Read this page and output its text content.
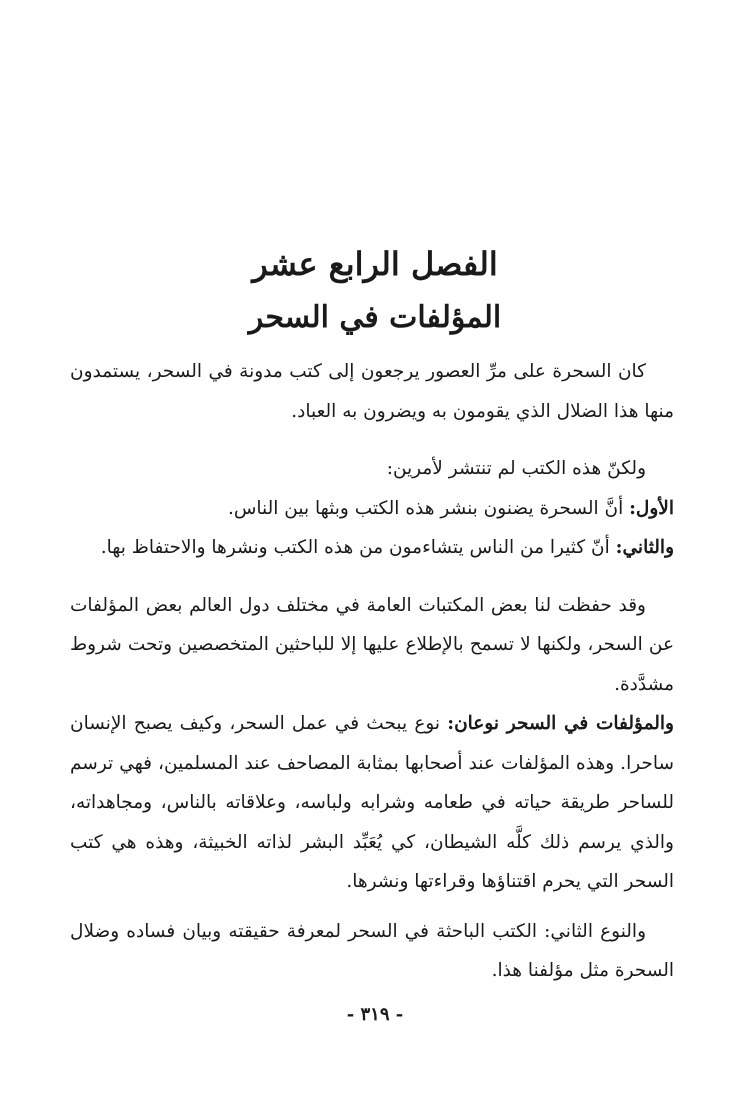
الفصل الرابع عشر
المؤلفات في السحر

كان السحرة على مرِّ العصور يرجعون إلى كتب مدونة في السحر، يستمدون منها هذا الضلال الذي يقومون به ويضرون به العباد.

ولكنّ هذه الكتب لم تنتشر لأمرين:

الأول: أنَّ السحرة يضنون بنشر هذه الكتب وبثها بين الناس.

والثاني: أنّ كثيرا من الناس يتشاءمون من هذه الكتب ونشرها والاحتفاظ بها.

وقد حفظت لنا بعض المكتبات العامة في مختلف دول العالم بعض المؤلفات عن السحر، ولكنها لا تسمح بالإطلاع عليها إلا للباحثين المتخصصين وتحت شروط مشدَّدة.

والمؤلفات في السحر نوعان: نوع يبحث في عمل السحر، وكيف يصبح الإنسان ساحرا. وهذه المؤلفات عند أصحابها بمثابة المصاحف عند المسلمين، فهي ترسم للساحر طريقة حياته في طعامه وشرابه ولباسه، وعلاقاته بالناس، ومجاهداته، والذي يرسم ذلك كلَّه الشيطان، كي يُعَبِّد البشر لذاته الخبيثة، وهذه هي كتب السحر التي يحرم اقتناؤها وقراءتها ونشرها.

والنوع الثاني: الكتب الباحثة في السحر لمعرفة حقيقته وبيان فساده وضلال السحرة مثل مؤلفنا هذا.

- ٣١٩ -
